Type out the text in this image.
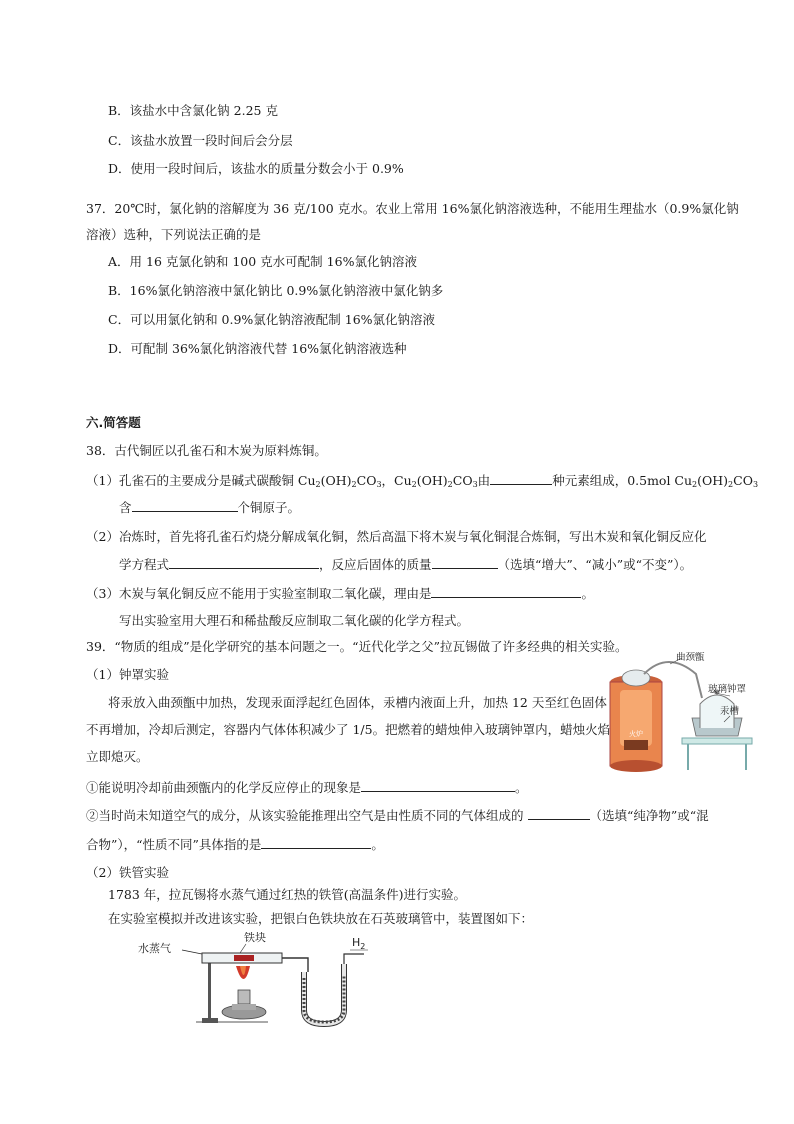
B．该盐水中含氯化钠 2.25 克
C．该盐水放置一段时间后会分层
D．使用一段时间后，该盐水的质量分数会小于 0.9%
37．20℃时，氯化钠的溶解度为 36 克/100 克水。农业上常用 16%氯化钠溶液选种，不能用生理盐水（0.9%氯化钠
溶液）选种，下列说法正确的是
A．用 16 克氯化钠和 100 克水可配制 16%氯化钠溶液
B．16%氯化钠溶液中氯化钠比 0.9%氯化钠溶液中氯化钠多
C．可以用氯化钠和 0.9%氯化钠溶液配制 16%氯化钠溶液
D．可配制 36%氯化钠溶液代替 16%氯化钠溶液选种
六.简答题
38．古代铜匠以孔雀石和木炭为原料炼铜。
（1）孔雀石的主要成分是碱式碳酸铜 $Cu_2(OH)_2CO_3$，$Cu_2(OH)_2CO_3$由	种元素组成，0.5mol $Cu_2(OH)_2CO_3$
含	个铜原子。
（2）冶炼时，首先将孔雀石灼烧分解成氧化铜，然后高温下将木炭与氧化铜混合炼铜，写出木炭和氧化铜反应化
学方程式	，反应后固体的质量	（选填“增大”、“减小”或“不变”）。
（3）木炭与氧化铜反应不能用于实验室制取二氧化碳，理由是	。
写出实验室用大理石和稀盐酸反应制取二氧化碳的化学方程式。
39．“物质的组成”是化学研究的基本问题之一。“近代化学之父”拉瓦锡做了许多经典的相关实验。
（1）钟罩实验
将汞放入曲颈甑中加热，发现汞面浮起红色固体，汞槽内液面上升，加热 12 天至红色固体
不再增加，冷却后测定，容器内气体体积减少了 1/5。把燃着的蜡烛伸入玻璃钟罩内，蜡烛火焰
立即熄灭。
①能说明冷却前曲颈甑内的化学反应停止的现象是	。
②当时尚未知道空气的成分，从该实验能推理出空气是由性质不同的气体组成的	（选填“纯净物”或“混
合物”），“性质不同”具体指的是	。
（2）铁管实验
1783 年，拉瓦锡将水蒸气通过红热的铁管(高温条件)进行实验。
在实验室模拟并改进该实验，把银白色铁块放在石英玻璃管中，装置图如下：
火炉
曲颈甑
玻璃钟罩
汞槽
水蒸气
铁块	$H_2$
